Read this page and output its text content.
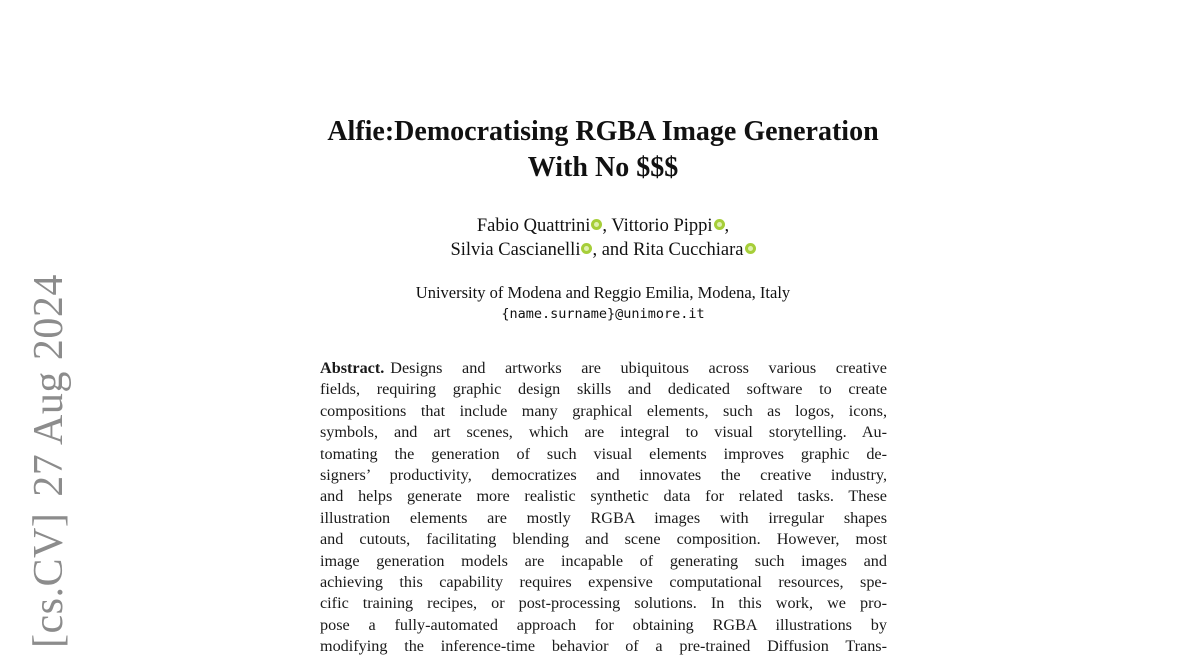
[cs.CV]27 Aug 2024
Alfie:Democratising RGBA Image Generation
With No $$$
Fabio Quattrini , Vittorio Pippi ,
Silvia Cascianelli , and Rita Cucchiara
University of Modena and Reggio Emilia, Modena, Italy
{name.surname}@unimore.it
Abstract. Designs and artworks are ubiquitous across various creative
fields, requiring graphic design skills and dedicated software to create
compositions that include many graphical elements, such as logos, icons,
symbols, and art scenes, which are integral to visual storytelling. Au-
tomating the generation of such visual elements improves graphic de-
signers’ productivity, democratizes and innovates the creative industry,
and helps generate more realistic synthetic data for related tasks. These
illustration elements are mostly RGBA images with irregular shapes
and cutouts, facilitating blending and scene composition. However, most
image generation models are incapable of generating such images and
achieving this capability requires expensive computational resources, spe-
cific training recipes, or post-processing solutions. In this work, we pro-
pose a fully-automated approach for obtaining RGBA illustrations by
modifying the inference-time behavior of a pre-trained Diffusion Trans-
